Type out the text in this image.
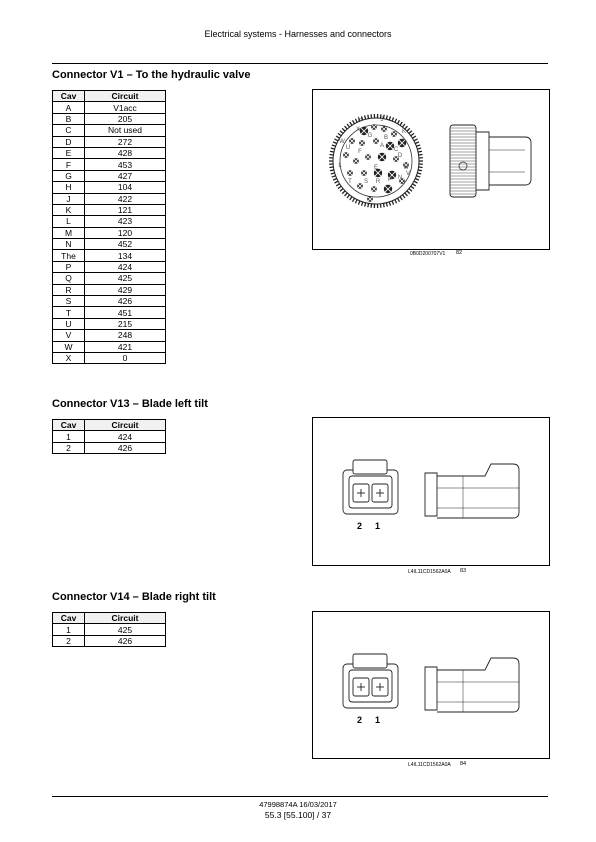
Electrical systems - Harnesses and connectors
Connector V1 – To the hydraulic valve
Cav	Circuit
A	V1acc
B	205
C	Not used
D	272
E	428
F	453
G	427
H	104
J	422
K	121
L	423
M	120
N	452
The	134
P	424
Q	425
R	429
S	426
T	451
U	215
V	248
W	421
X	0
A
B
C
D
E
F
G
H	J
K
L	M
N
P
R
S
T
U
V
W
X
0B0D200707V1 82
Connector V13 – Blade left tilt
Cav	Circuit
1	424
2	426
2 1
L4IL11CD1562A0A 83
Connector V14 – Blade right tilt
Cav	Circuit
1	425
2	426
2 1
L4IL11CD1562A0A 84
47998874A 16/03/2017
55.3 [55.100] / 37
